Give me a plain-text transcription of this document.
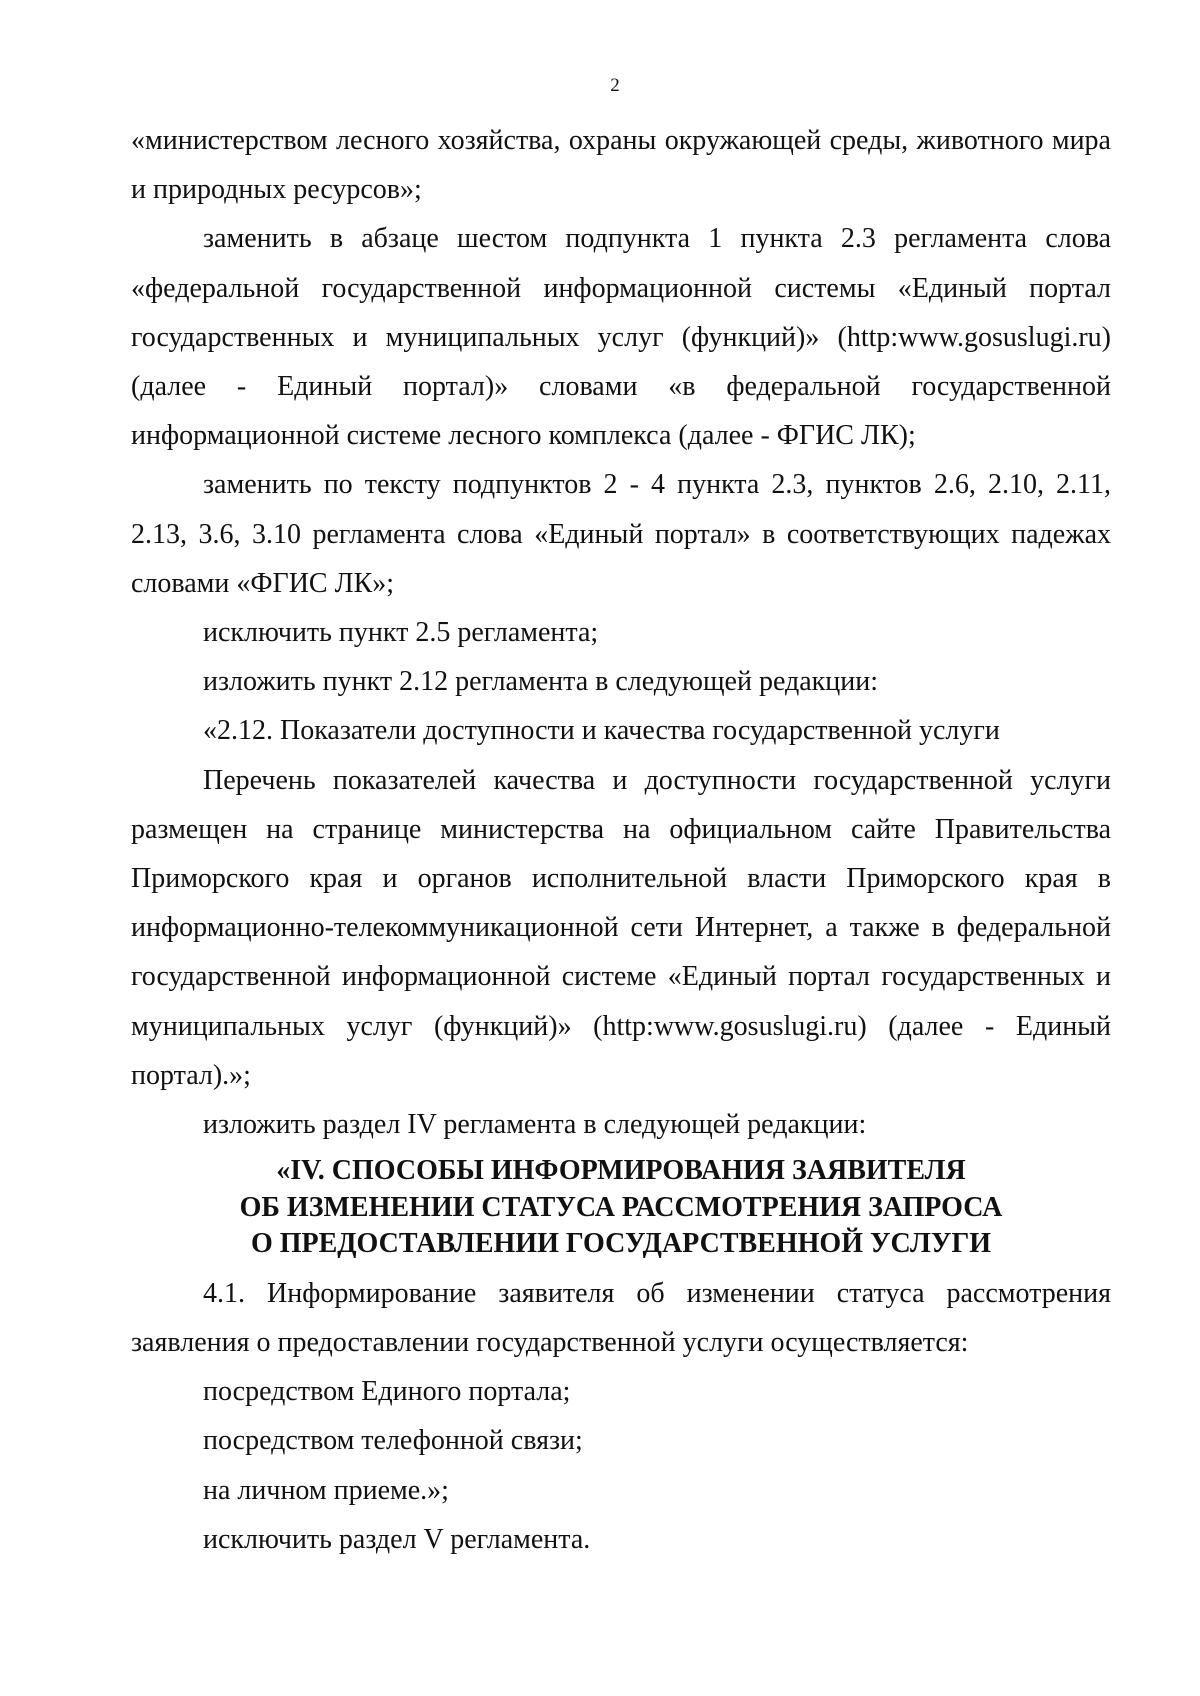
2

«министерством лесного хозяйства, охраны окружающей среды, животного мира и природных ресурсов»;

заменить в абзаце шестом подпункта 1 пункта 2.3 регламента слова «федеральной государственной информационной системы «Единый портал государственных и муниципальных услуг (функций)» (http:www.gosuslugi.ru) (далее - Единый портал)» словами «в федеральной государственной информационной системе лесного комплекса (далее - ФГИС ЛК);

заменить по тексту подпунктов 2 - 4 пункта 2.3, пунктов 2.6, 2.10, 2.11, 2.13, 3.6, 3.10 регламента слова «Единый портал» в соответствующих падежах словами «ФГИС ЛК»;

исключить пункт 2.5 регламента;

изложить пункт 2.12 регламента в следующей редакции:

«2.12. Показатели доступности и качества государственной услуги

Перечень показателей качества и доступности государственной услуги размещен на странице министерства на официальном сайте Правительства Приморского края и органов исполнительной власти Приморского края в информационно-телекоммуникационной сети Интернет, а также в федеральной государственной информационной системе «Единый портал государственных и муниципальных услуг (функций)» (http:www.gosuslugi.ru) (далее - Единый портал).»;

изложить раздел IV регламента в следующей редакции:

«IV. СПОСОБЫ ИНФОРМИРОВАНИЯ ЗАЯВИТЕЛЯ
ОБ ИЗМЕНЕНИИ СТАТУСА РАССМОТРЕНИЯ ЗАПРОСА
О ПРЕДОСТАВЛЕНИИ ГОСУДАРСТВЕННОЙ УСЛУГИ

4.1. Информирование заявителя об изменении статуса рассмотрения заявления о предоставлении государственной услуги осуществляется:

посредством Единого портала;

посредством телефонной связи;

на личном приеме.»;

исключить раздел V регламента.
